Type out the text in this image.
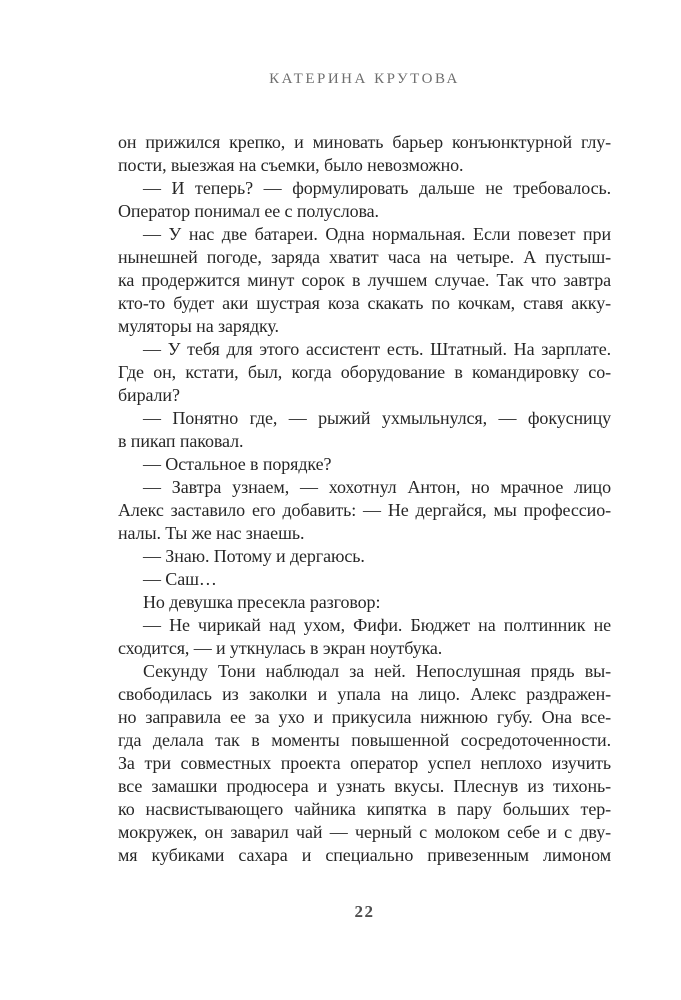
КАТЕРИНА КРУТОВА
он прижился крепко, и миновать барьер конъюнктурной глу-
пости, выезжая на съемки, было невозможно.
— И теперь? — формулировать дальше не требовалось.
Оператор понимал ее с полуслова.
— У нас две батареи. Одна нормальная. Если повезет при
нынешней погоде, заряда хватит часа на четыре. А пустыш-
ка продержится минут сорок в лучшем случае. Так что завтра
кто-то будет аки шустрая коза скакать по кочкам, ставя акку-
муляторы на зарядку.
— У тебя для этого ассистент есть. Штатный. На зарплате.
Где он, кстати, был, когда оборудование в командировку со-
бирали?
— Понятно где, — рыжий ухмыльнулся, — фокусницу
в пикап паковал.
— Остальное в порядке?
— Завтра узнаем, — хохотнул Антон, но мрачное лицо
Алекс заставило его добавить: — Не дергайся, мы профессио-
налы. Ты же нас знаешь.
— Знаю. Потому и дергаюсь.
— Саш…
Но девушка пресекла разговор:
— Не чирикай над ухом, Фифи. Бюджет на полтинник не
сходится, — и уткнулась в экран ноутбука.
Секунду Тони наблюдал за ней. Непослушная прядь вы-
свободилась из заколки и упала на лицо. Алекс раздражен-
но заправила ее за ухо и прикусила нижнюю губу. Она все-
гда делала так в моменты повышенной сосредоточенности.
За три совместных проекта оператор успел неплохо изучить
все замашки продюсера и узнать вкусы. Плеснув из тихонь-
ко насвистывающего чайника кипятка в пару больших тер-
мокружек, он заварил чай — черный с молоком себе и с дву-
мя кубиками сахара и специально привезенным лимоном
22
